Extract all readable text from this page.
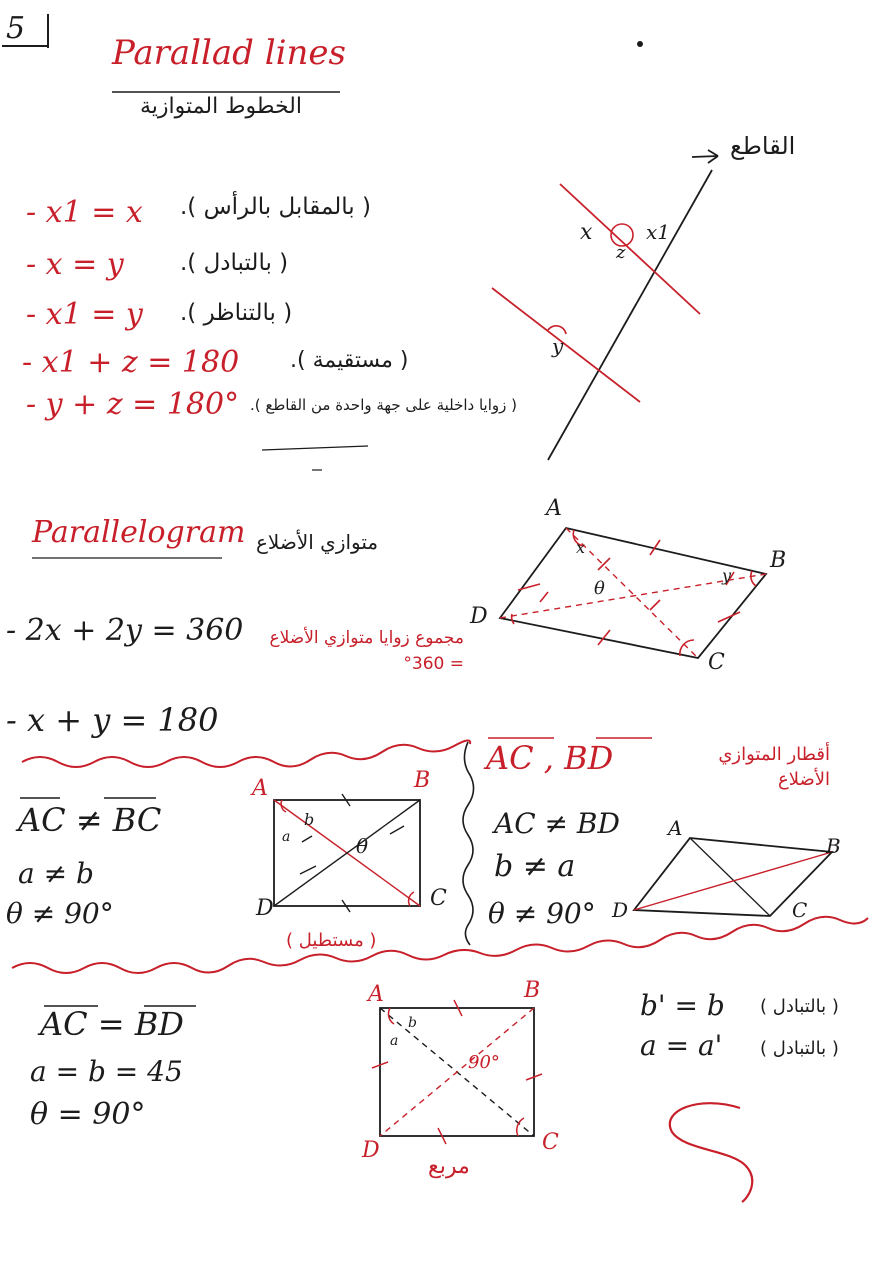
5
Parallad lines
الخطوط المتوازية
- x1 = x ( بالمقابل بالرأس ).
- x = y ( بالتبادل ).
- x1 = y ( بالتناظر ).
- x1 + z = 180 ( مستقيمة ).
- y + z = 180° ( زوايا داخلية على جهة واحدة من القاطع ).
القاطع
x	x1
z
y
Parallelogram متوازي الأضلاع
- 2x + 2y = 360	مجموع زوايا متوازي الأضلاع = 360°
- x + y = 180
A
B
C
D
x
y
θ
AC ≠ BC
a ≠ b
θ ≠ 90°
( مستطيل )
A	B
C
D
a
b
θ
AC , BD	أقطار المتوازي الأضلاع
AC ≠ BD
b ≠ a
θ ≠ 90°
A
B
C
D
AC = BD
a = b = 45
θ = 90°
مربع
A	B
C
D
a
b
90°
b' = b ( بالتبادل )
a = a' ( بالتبادل )
